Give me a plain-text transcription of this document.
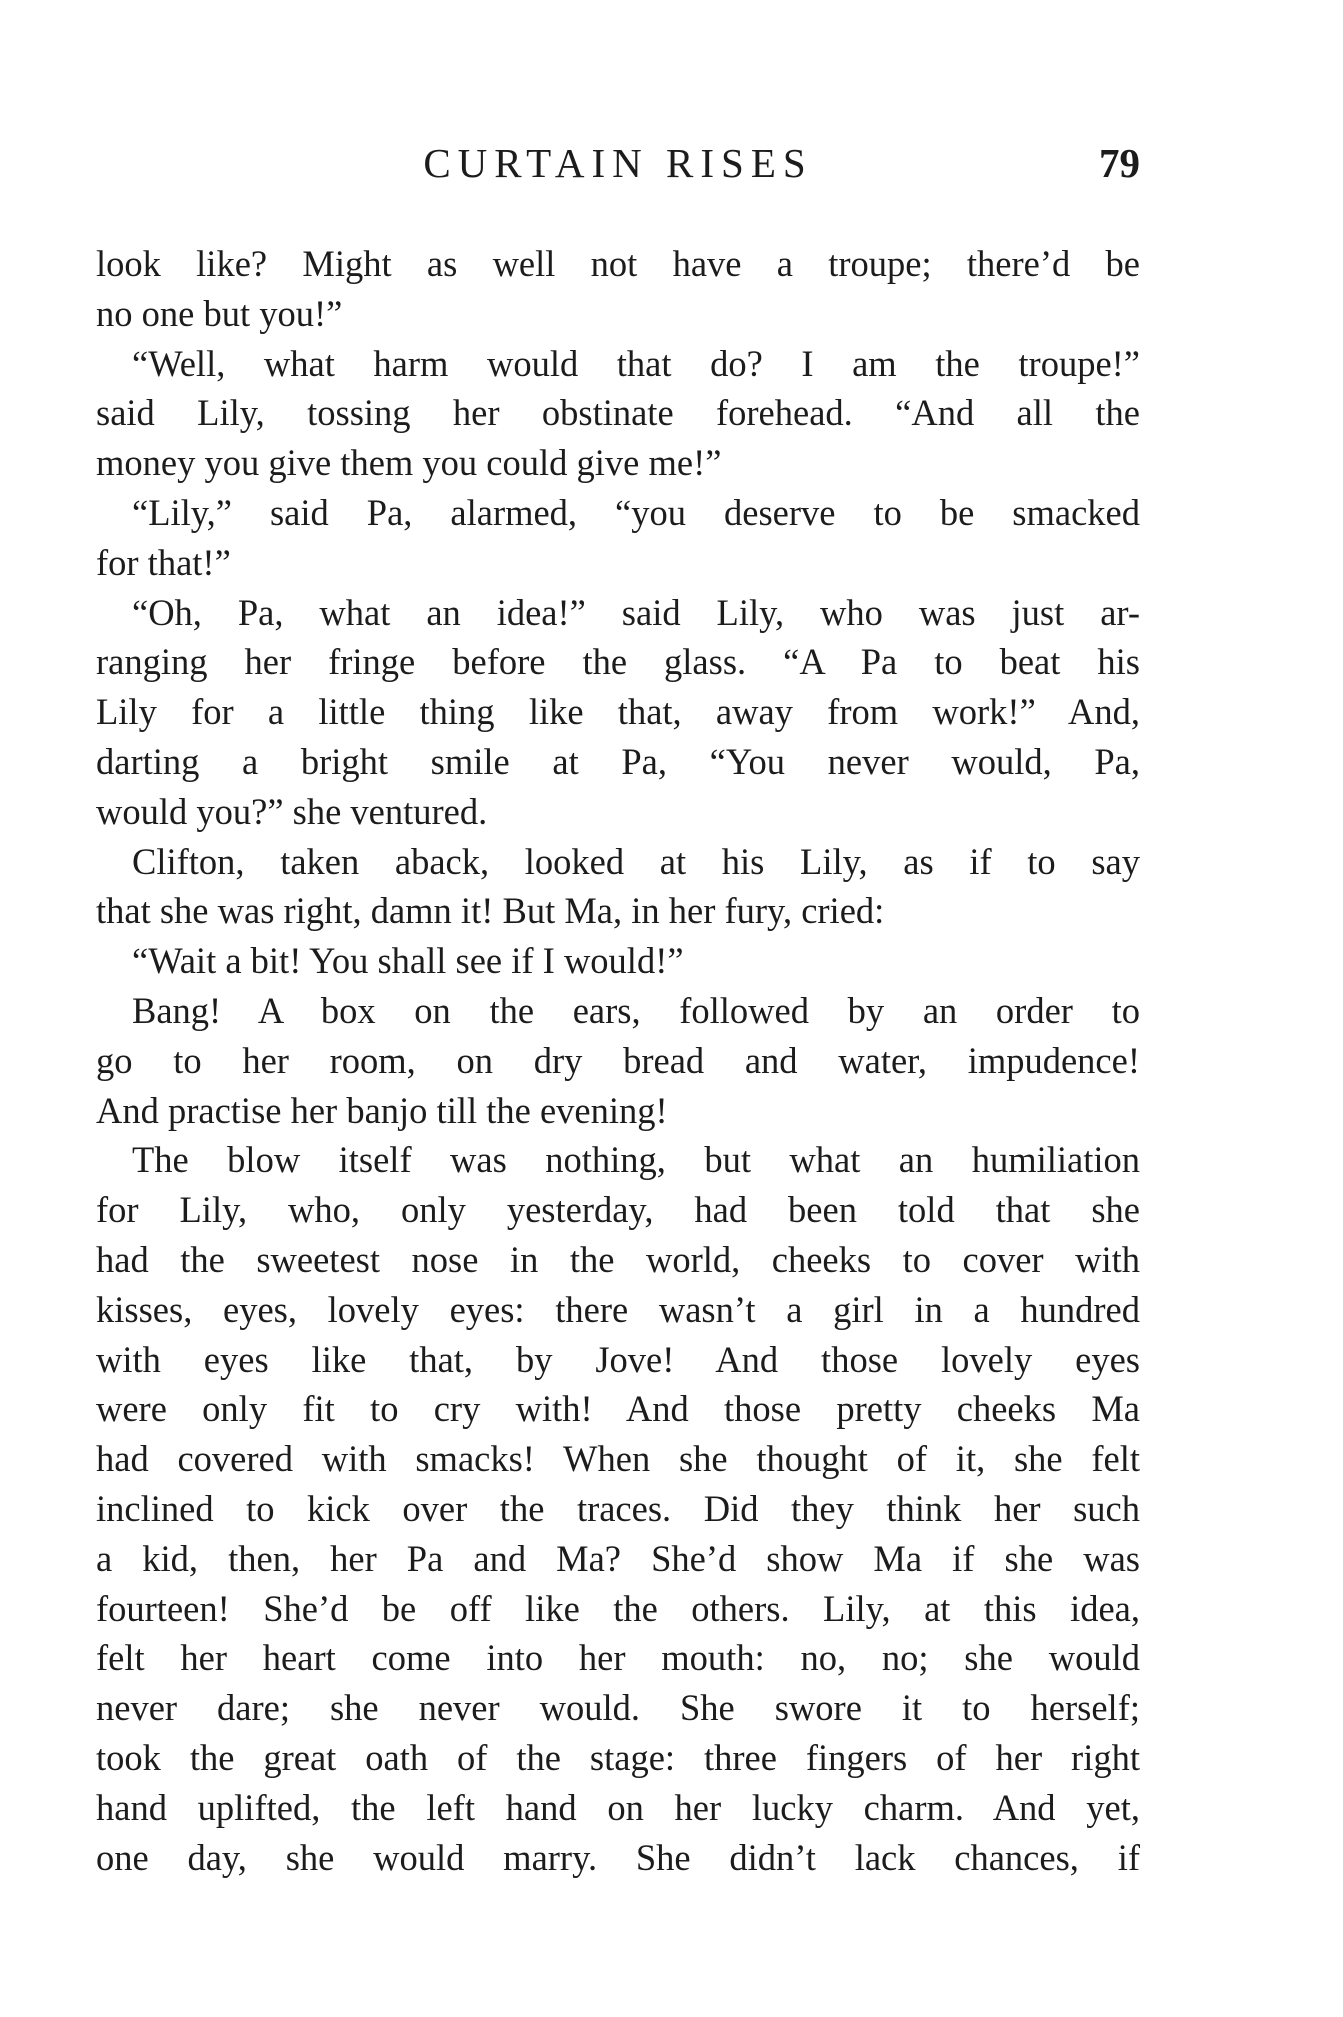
CURTAIN RISES	79
look like? Might as well not have a troupe; there’d be
no one but you!”
“Well, what harm would that do? I am the troupe!”
said Lily, tossing her obstinate forehead. “And all the
money you give them you could give me!”
“Lily,” said Pa, alarmed, “you deserve to be smacked
for that!”
“Oh, Pa, what an idea!” said Lily, who was just ar-
ranging her fringe before the glass. “A Pa to beat his
Lily for a little thing like that, away from work!” And,
darting a bright smile at Pa, “You never would, Pa,
would you?” she ventured.
Clifton, taken aback, looked at his Lily, as if to say
that she was right, damn it! But Ma, in her fury, cried:
“Wait a bit! You shall see if I would!”
Bang! A box on the ears, followed by an order to
go to her room, on dry bread and water, impudence!
And practise her banjo till the evening!
The blow itself was nothing, but what an humiliation
for Lily, who, only yesterday, had been told that she
had the sweetest nose in the world, cheeks to cover with
kisses, eyes, lovely eyes: there wasn’t a girl in a hundred
with eyes like that, by Jove! And those lovely eyes
were only fit to cry with! And those pretty cheeks Ma
had covered with smacks! When she thought of it, she felt
inclined to kick over the traces. Did they think her such
a kid, then, her Pa and Ma? She’d show Ma if she was
fourteen! She’d be off like the others. Lily, at this idea,
felt her heart come into her mouth: no, no; she would
never dare; she never would. She swore it to herself;
took the great oath of the stage: three fingers of her right
hand uplifted, the left hand on her lucky charm. And yet,
one day, she would marry. She didn’t lack chances, if
